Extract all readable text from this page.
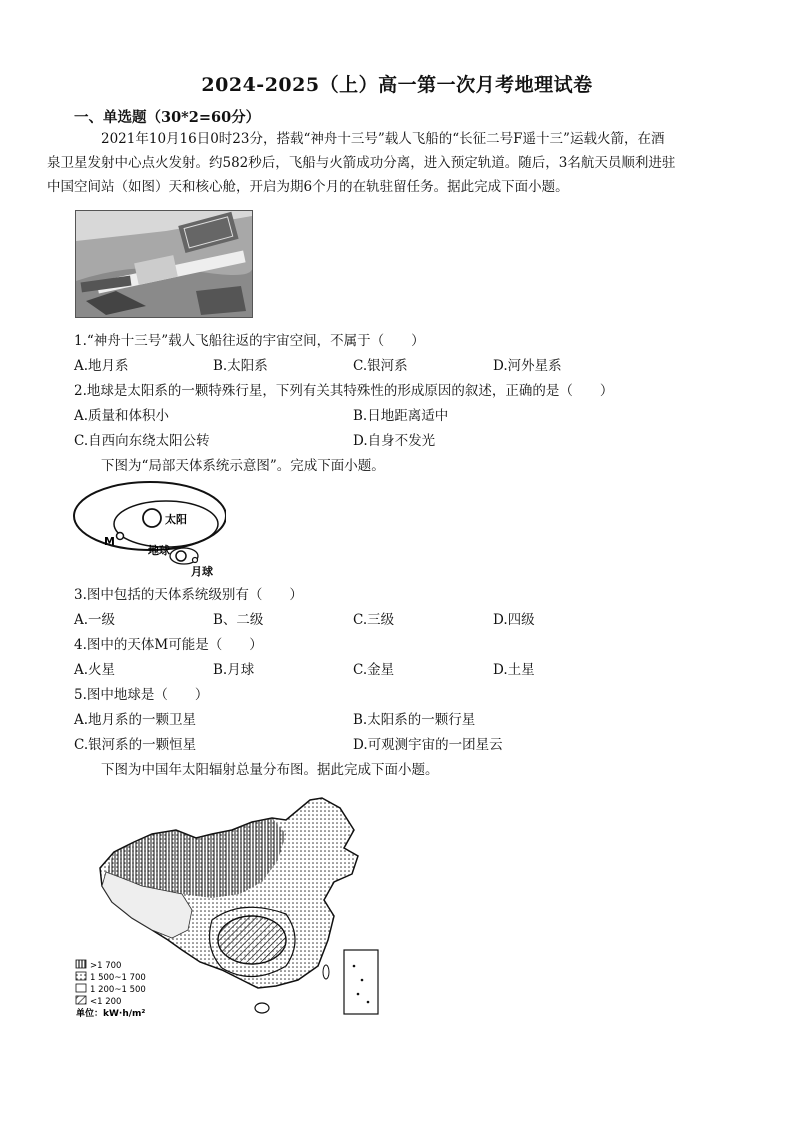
2024-2025（上）高一第一次月考地理试卷
一、单选题（30*2=60分）
2021年10月16日0时23分，搭载“神舟十三号”载人飞船的“长征二号F遥十三”运载火箭，在酒
泉卫星发射中心点火发射。约582秒后，飞船与火箭成功分离，进入预定轨道。随后，3名航天员顺利进驻
中国空间站（如图）天和核心舱，开启为期6个月的在轨驻留任务。据此完成下面小题。
1.“神舟十三号”载人飞船往返的宇宙空间，不属于（　　）
A.地月系	B.太阳系	C.银河系	D.河外星系
2.地球是太阳系的一颗特殊行星，下列有关其特殊性的形成原因的叙述，正确的是（　　）
A.质量和体积小	B.日地距离适中
C.自西向东绕太阳公转	D.自身不发光
下图为“局部天体系统示意图”。完成下面小题。
太阳
M
地球
月球
3.图中包括的天体系统级别有（　　）
A.一级	B、二级	C.三级	D.四级
4.图中的天体M可能是（　　）
A.火星	B.月球	C.金星	D.土星
5.图中地球是（　　）
A.地月系的一颗卫星	B.太阳系的一颗行星
C.银河系的一颗恒星	D.可观测宇宙的一团星云
下图为中国年太阳辐射总量分布图。据此完成下面小题。
>1 700
1 500~1 700
1 200~1 500
<1 200
单位：kW·h/m²
